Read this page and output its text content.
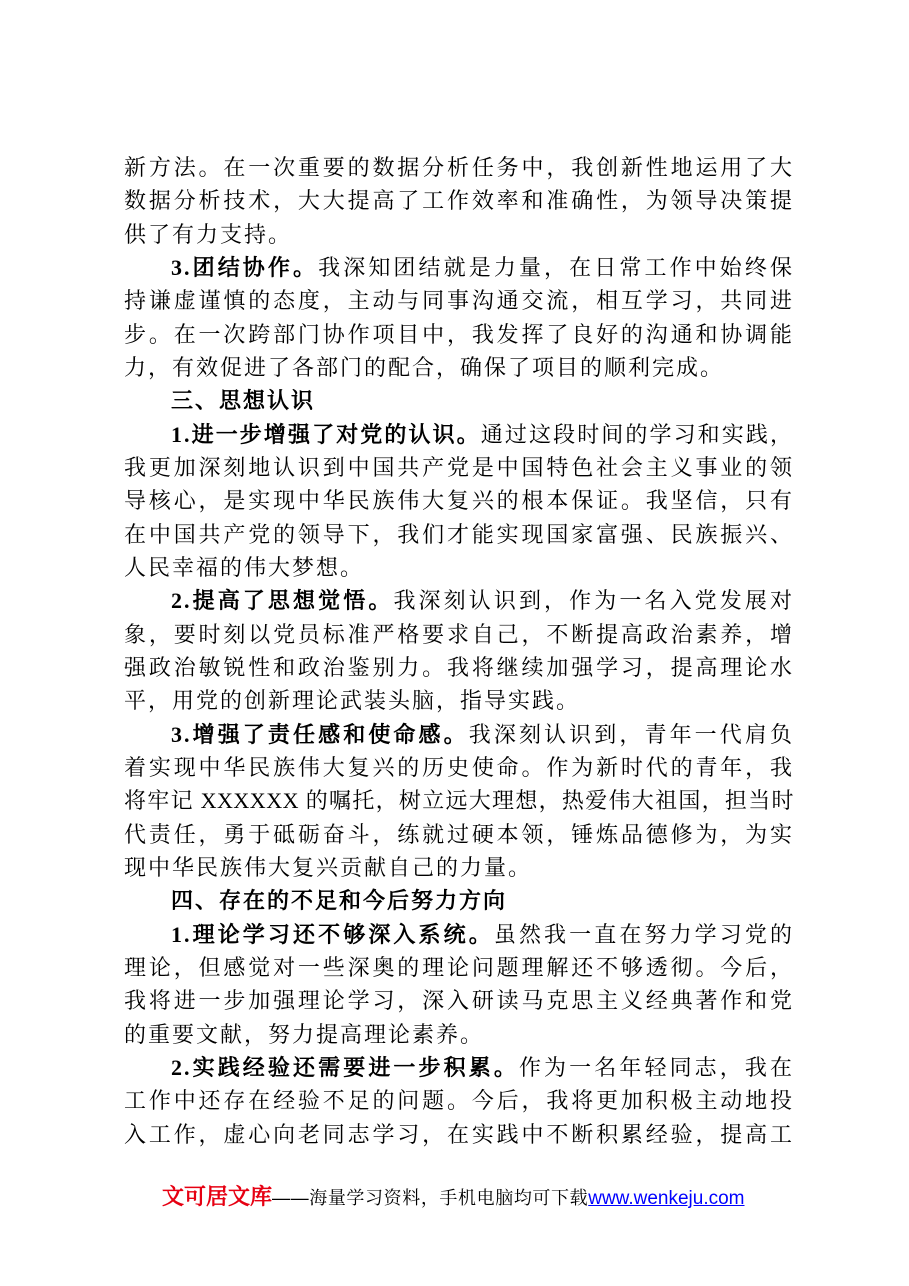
新方法。在一次重要的数据分析任务中，我创新性地运用了大
数据分析技术，大大提高了工作效率和准确性，为领导决策提
供了有力支持。
3.团结协作。我深知团结就是力量，在日常工作中始终保
持谦虚谨慎的态度，主动与同事沟通交流，相互学习，共同进
步。在一次跨部门协作项目中，我发挥了良好的沟通和协调能
力，有效促进了各部门的配合，确保了项目的顺利完成。
三、思想认识
1.进一步增强了对党的认识。通过这段时间的学习和实践，
我更加深刻地认识到中国共产党是中国特色社会主义事业的领
导核心，是实现中华民族伟大复兴的根本保证。我坚信，只有
在中国共产党的领导下，我们才能实现国家富强、民族振兴、
人民幸福的伟大梦想。
2.提高了思想觉悟。我深刻认识到，作为一名入党发展对
象，要时刻以党员标准严格要求自己，不断提高政治素养，增
强政治敏锐性和政治鉴别力。我将继续加强学习，提高理论水
平，用党的创新理论武装头脑，指导实践。
3.增强了责任感和使命感。我深刻认识到，青年一代肩负
着实现中华民族伟大复兴的历史使命。作为新时代的青年，我
将牢记 XXXXXX 的嘱托，树立远大理想，热爱伟大祖国，担当时
代责任，勇于砥砺奋斗，练就过硬本领，锤炼品德修为，为实
现中华民族伟大复兴贡献自己的力量。
四、存在的不足和今后努力方向
1.理论学习还不够深入系统。虽然我一直在努力学习党的
理论，但感觉对一些深奥的理论问题理解还不够透彻。今后，
我将进一步加强理论学习，深入研读马克思主义经典著作和党
的重要文献，努力提高理论素养。
2.实践经验还需要进一步积累。作为一名年轻同志，我在
工作中还存在经验不足的问题。今后，我将更加积极主动地投
入工作，虚心向老同志学习，在实践中不断积累经验，提高工
文可居文库——海量学习资料，手机电脑均可下载www.wenkeju.com
